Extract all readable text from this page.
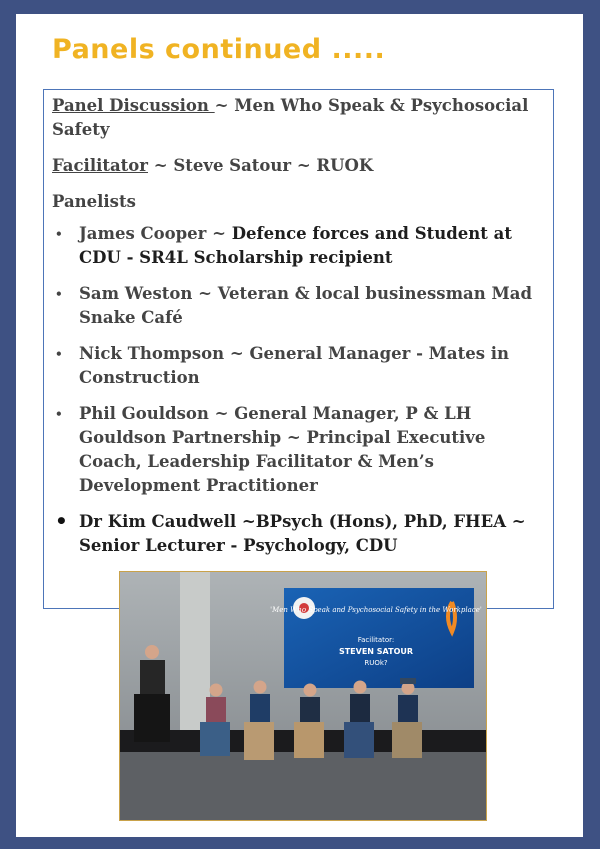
Panels continued .....
Panel Discussion ~ Men Who Speak & Psychosocial Safety
Facilitator ~ Steve Satour ~ RUOK
Panelists
• James Cooper ~ Defence forces and Student at CDU - SR4L Scholarship recipient
• Sam Weston ~ Veteran & local businessman Mad Snake Café
• Nick Thompson ~ General Manager - Mates in Construction
• Phil Gouldson ~ General Manager, P & LH Gouldson Partnership ~ Principal Executive Coach, Leadership Facilitator & Men’s Development Practitioner
• Dr Kim Caudwell ~BPsych (Hons), PhD, FHEA ~ Senior Lecturer - Psychology, CDU
'Men Who Speak and Psychosocial Safety in the Workplace'
Facilitator:
STEVEN SATOUR
RUOk?
